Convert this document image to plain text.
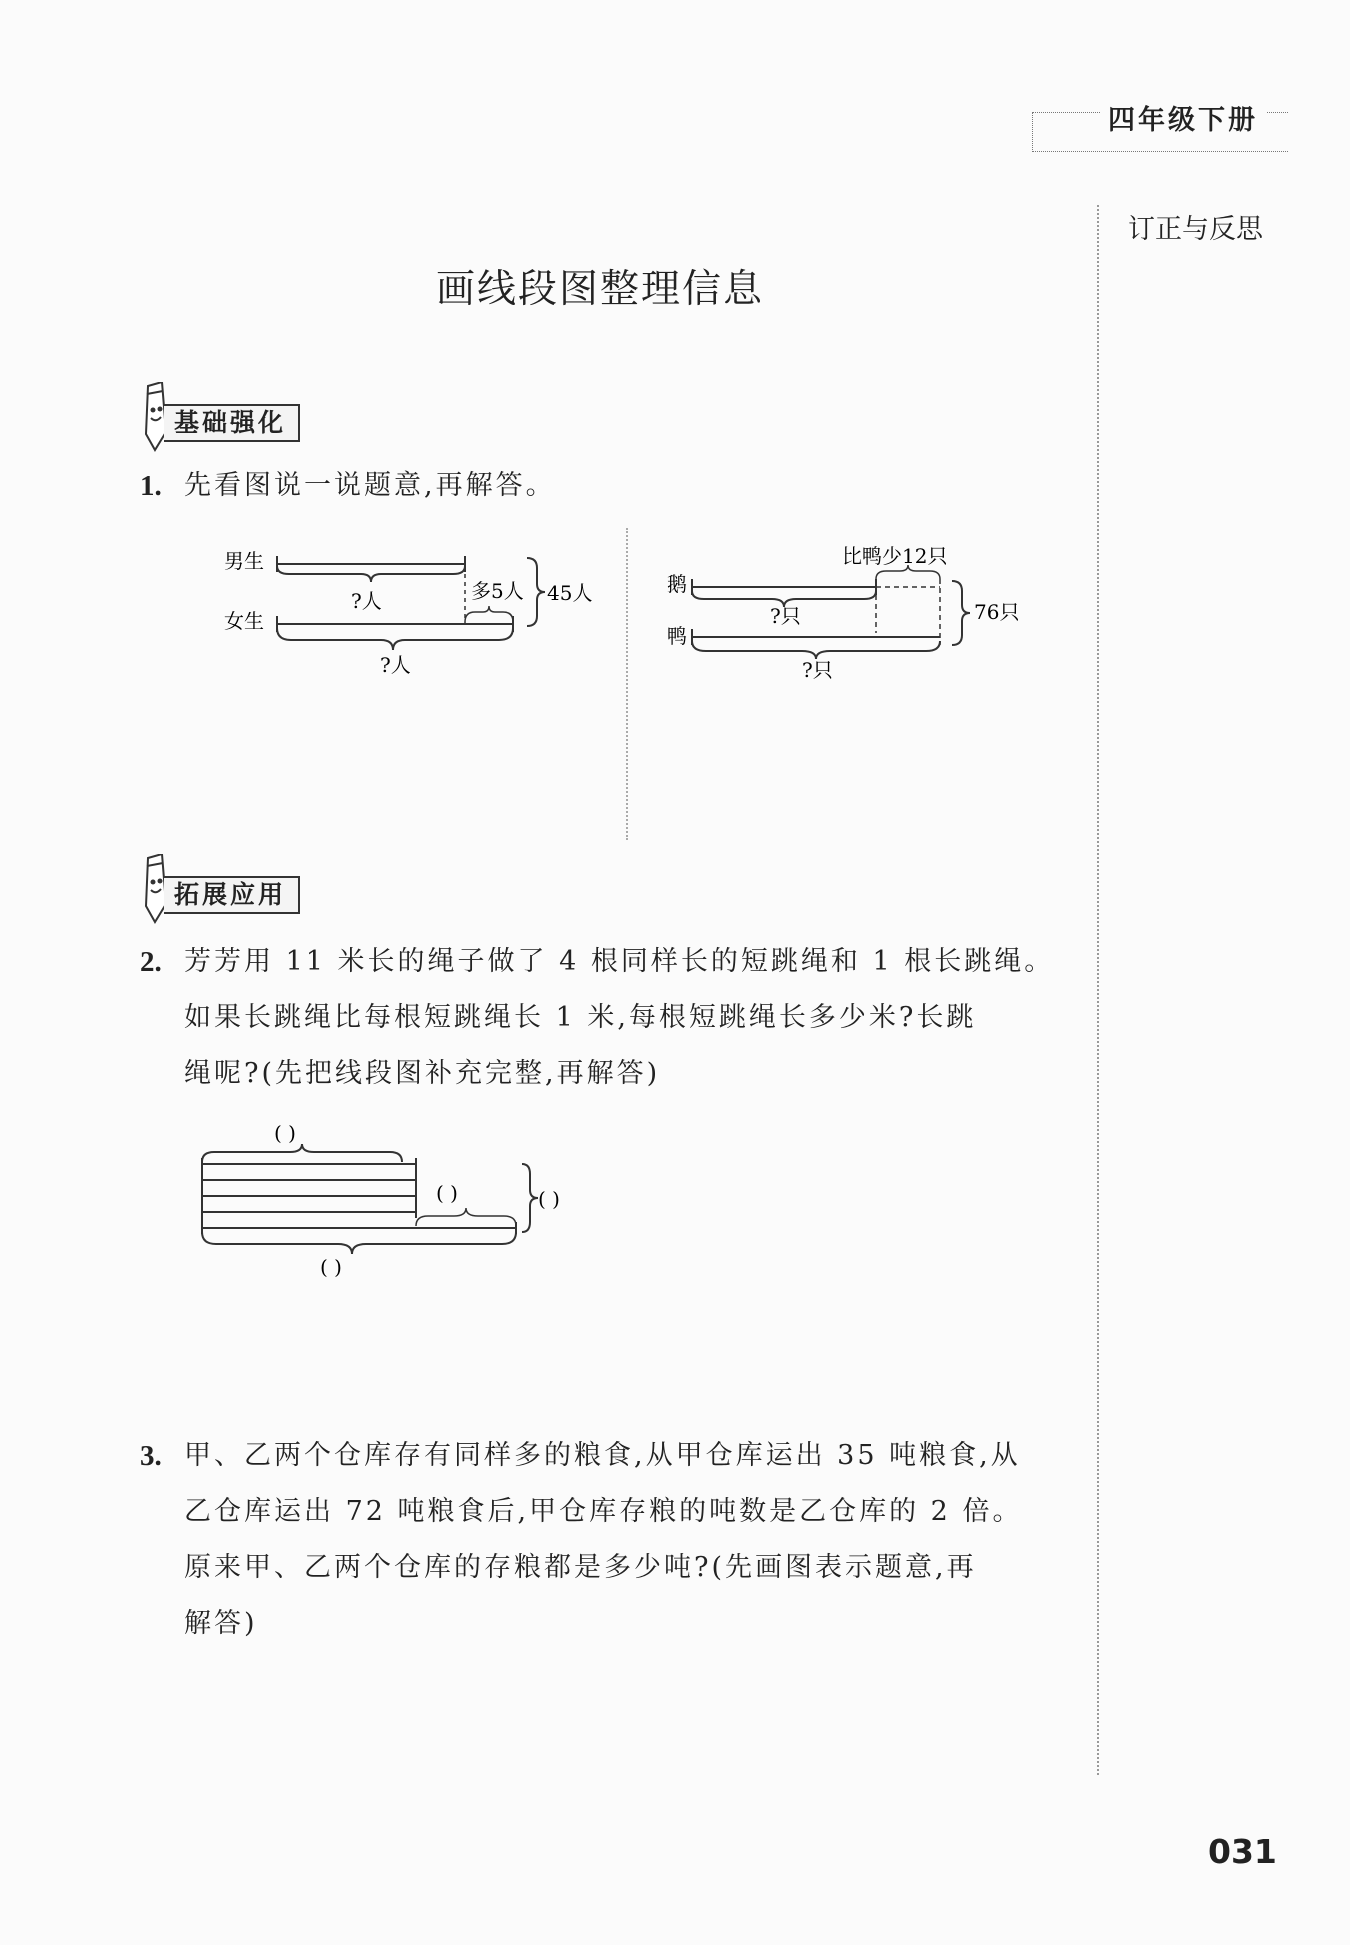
四年级下册
订正与反思
画线段图整理信息
基础强化
1. 先看图说一说题意,再解答。
男生
?人
女生
多5人 45人
?人
比鸭少12只
鹅
?只
鸭
?只
76只
拓展应用
2. 芳芳用 11 米长的绳子做了 4 根同样长的短跳绳和 1 根长跳绳。
如果长跳绳比每根短跳绳长 1 米,每根短跳绳长多少米?长跳
绳呢?(先把线段图补充完整,再解答)
( )
( )	( )
( )
3. 甲、乙两个仓库存有同样多的粮食,从甲仓库运出 35 吨粮食,从
乙仓库运出 72 吨粮食后,甲仓库存粮的吨数是乙仓库的 2 倍。
原来甲、乙两个仓库的存粮都是多少吨?(先画图表示题意,再
解答)
031
